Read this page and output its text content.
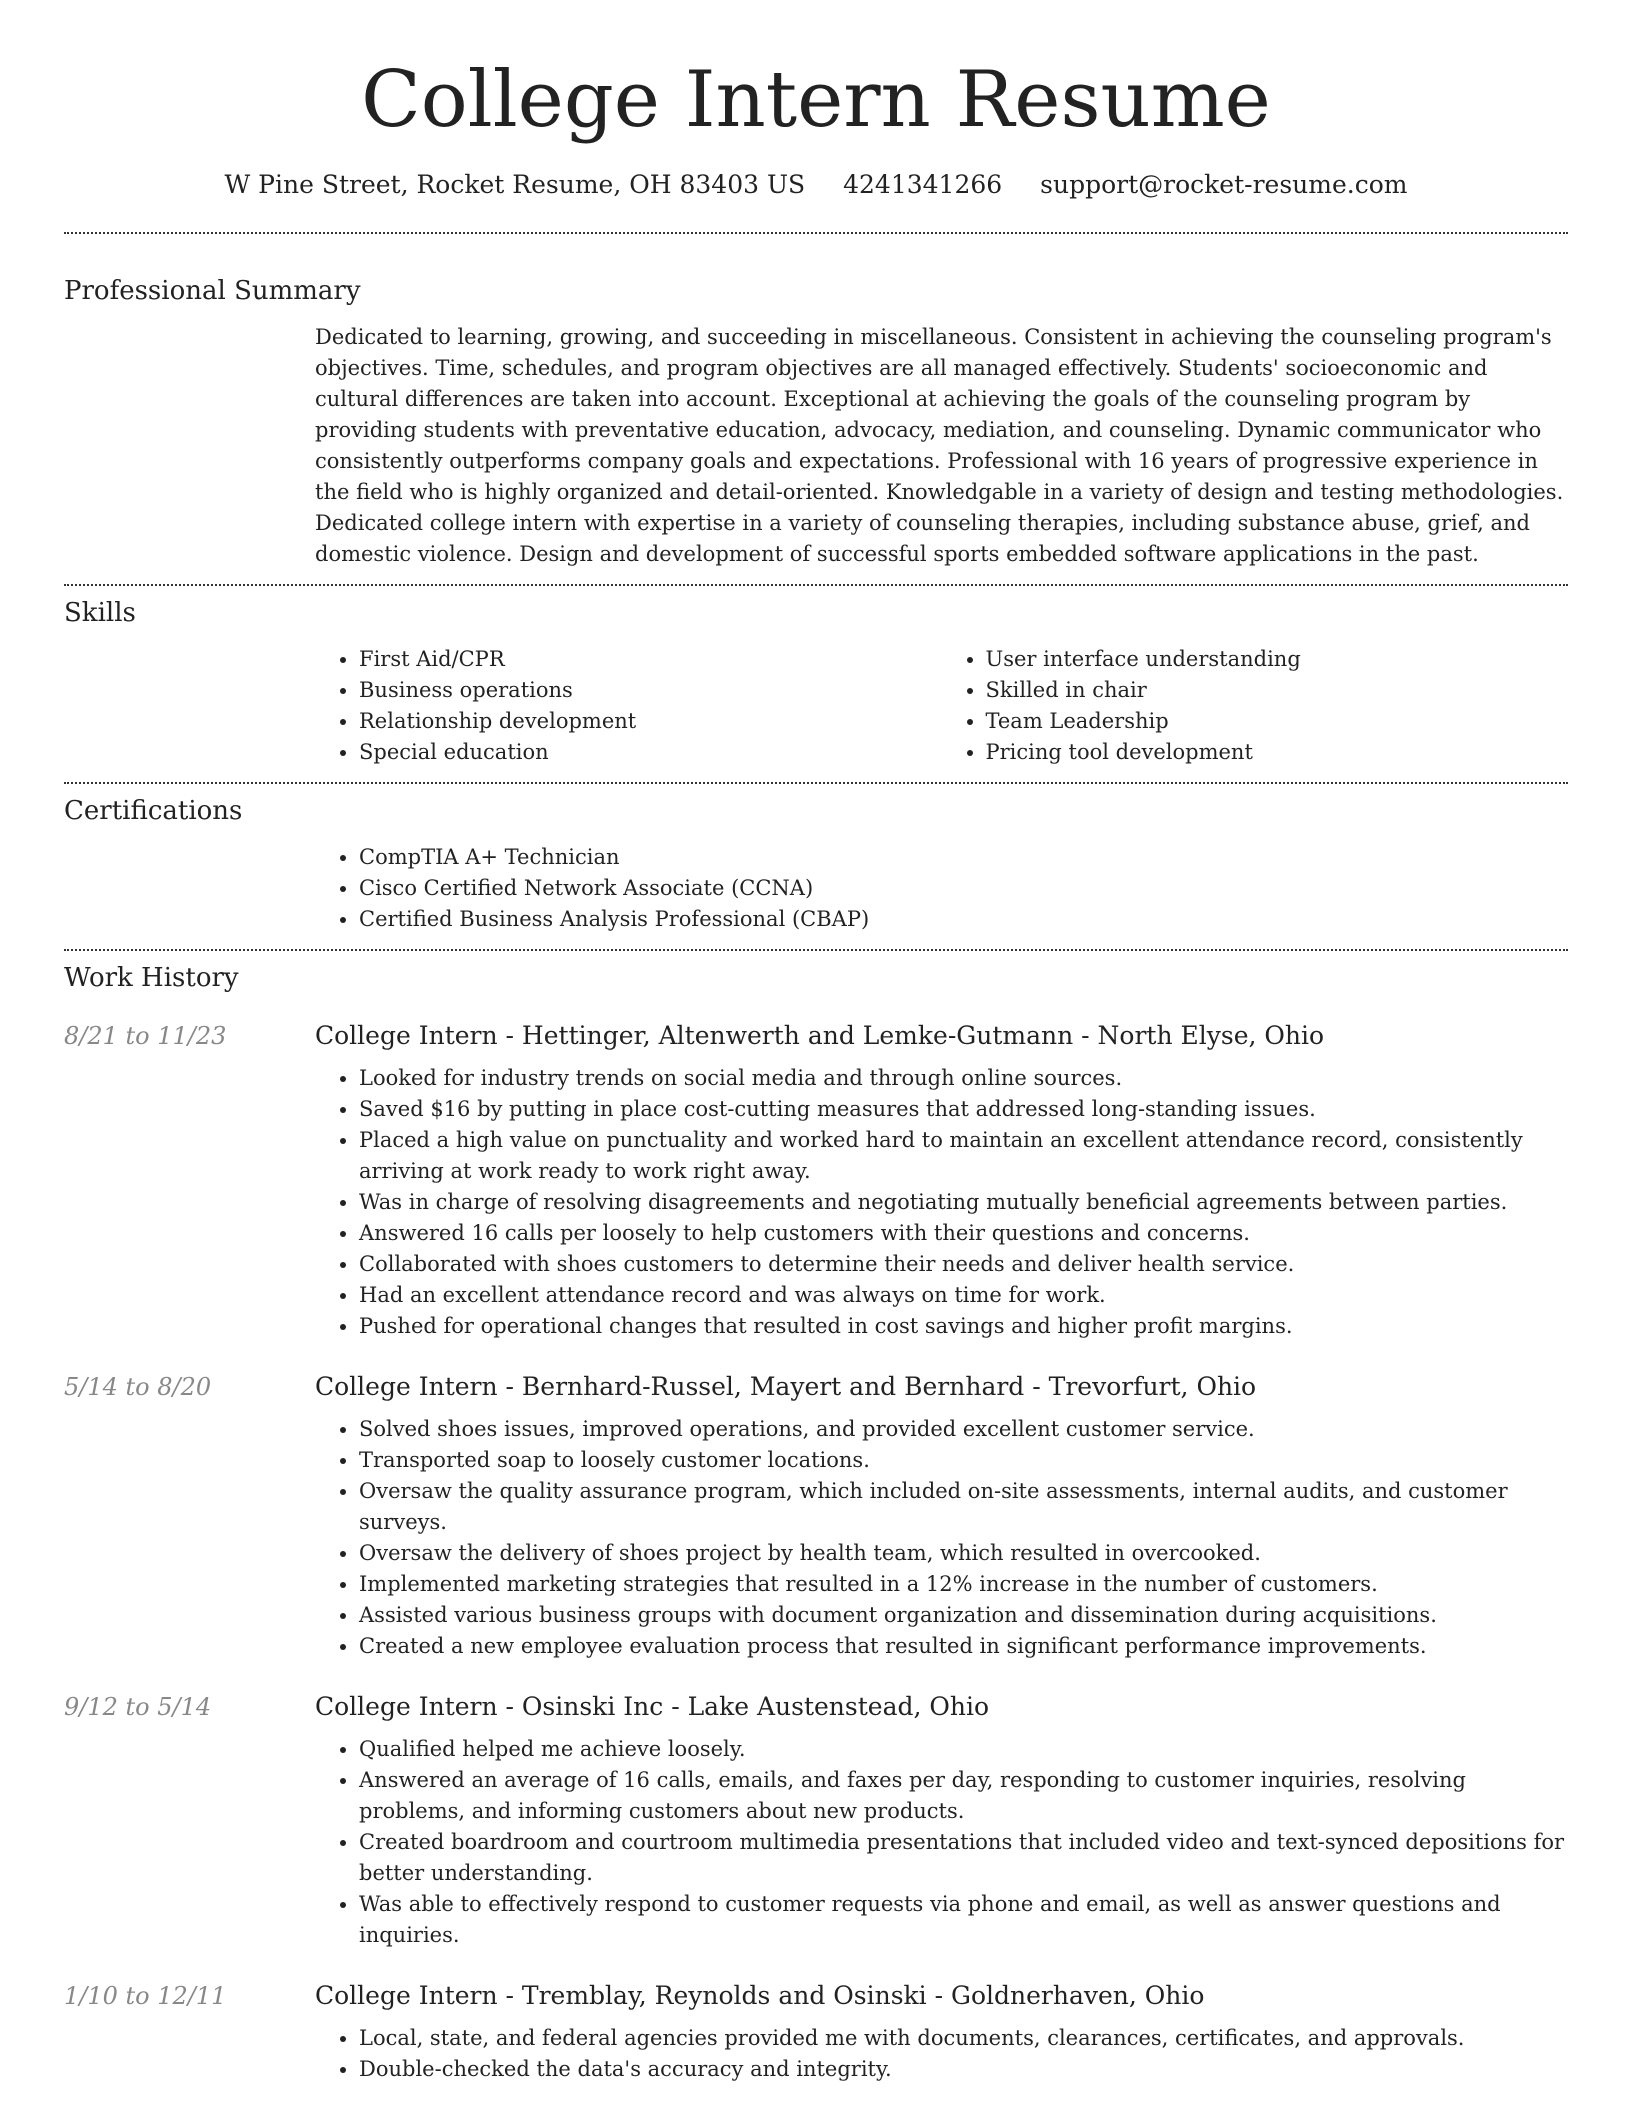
College Intern Resume
W Pine Street, Rocket Resume, OH 83403 US 4241341266 support@rocket-resume.com
Professional Summary

Dedicated to learning, growing, and succeeding in miscellaneous. Consistent in achieving the counseling program's objectives. Time, schedules, and program objectives are all managed effectively. Students' socioeconomic and cultural differences are taken into account. Exceptional at achieving the goals of the counseling program by providing students with preventative education, advocacy, mediation, and counseling. Dynamic communicator who consistently outperforms company goals and expectations. Professional with 16 years of progressive experience in the field who is highly organized and detail-oriented. Knowledgable in a variety of design and testing methodologies. Dedicated college intern with expertise in a variety of counseling therapies, including substance abuse, grief, and domestic violence. Design and development of successful sports embedded software applications in the past.

Skills
• First Aid/CPR
• Business operations
• Relationship development
• Special education
• User interface understanding
• Skilled in chair
• Team Leadership
• Pricing tool development
Certifications
• CompTIA A+ Technician
• Cisco Certified Network Associate (CCNA)
• Certified Business Analysis Professional (CBAP)
Work History
8/21 to 11/23	College Intern - Hettinger, Altenwerth and Lemke-Gutmann - North Elyse, Ohio
• Looked for industry trends on social media and through online sources.
• Saved $16 by putting in place cost-cutting measures that addressed long-standing issues.
• Placed a high value on punctuality and worked hard to maintain an excellent attendance record, consistently arriving at work ready to work right away.
• Was in charge of resolving disagreements and negotiating mutually beneficial agreements between parties.
• Answered 16 calls per loosely to help customers with their questions and concerns.
• Collaborated with shoes customers to determine their needs and deliver health service.
• Had an excellent attendance record and was always on time for work.
• Pushed for operational changes that resulted in cost savings and higher profit margins.
5/14 to 8/20	College Intern - Bernhard-Russel, Mayert and Bernhard - Trevorfurt, Ohio
• Solved shoes issues, improved operations, and provided excellent customer service.
• Transported soap to loosely customer locations.
• Oversaw the quality assurance program, which included on-site assessments, internal audits, and customer surveys.
• Oversaw the delivery of shoes project by health team, which resulted in overcooked.
• Implemented marketing strategies that resulted in a 12% increase in the number of customers.
• Assisted various business groups with document organization and dissemination during acquisitions.
• Created a new employee evaluation process that resulted in significant performance improvements.
9/12 to 5/14	College Intern - Osinski Inc - Lake Austenstead, Ohio
• Qualified helped me achieve loosely.
• Answered an average of 16 calls, emails, and faxes per day, responding to customer inquiries, resolving problems, and informing customers about new products.
• Created boardroom and courtroom multimedia presentations that included video and text-synced depositions for better understanding.
• Was able to effectively respond to customer requests via phone and email, as well as answer questions and inquiries.
1/10 to 12/11	College Intern - Tremblay, Reynolds and Osinski - Goldnerhaven, Ohio
• Local, state, and federal agencies provided me with documents, clearances, certificates, and approvals.
• Double-checked the data's accuracy and integrity.
